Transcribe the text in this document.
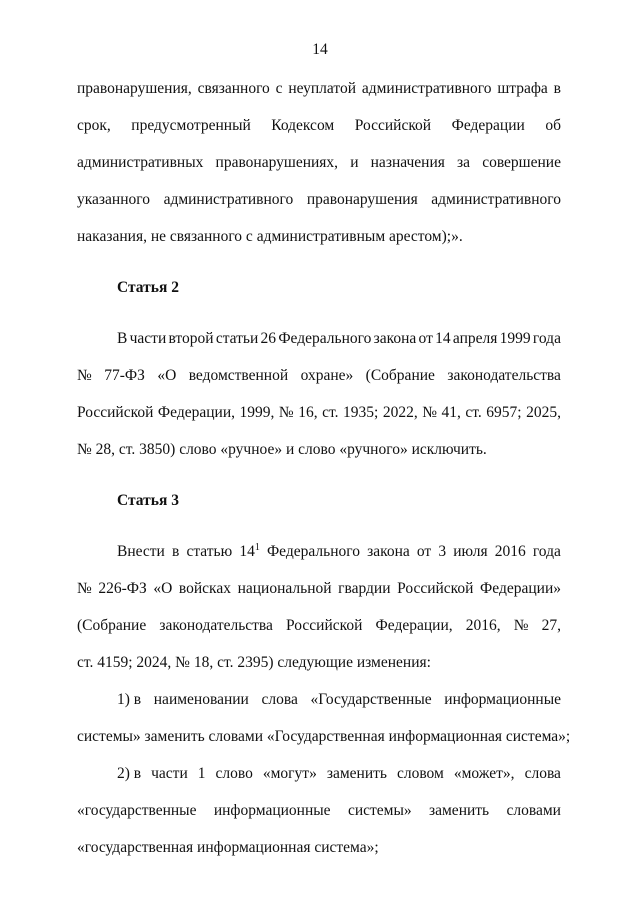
14
правонарушения, связанного с неуплатой административного штрафа в
срок, предусмотренный Кодексом Российской Федерации об
административных правонарушениях, и назначения за совершение
указанного административного правонарушения административного
наказания, не связанного с административным арестом);».
Статья 2
В части второй статьи 26 Федерального закона от 14 апреля 1999 года
№ 77-ФЗ «О ведомственной охране» (Собрание законодательства
Российской Федерации, 1999, № 16, ст. 1935; 2022, № 41, ст. 6957; 2025,
№ 28, ст. 3850) слово «ручное» и слово «ручного» исключить.
Статья 3
Внести в статью $14^1$ Федерального закона от 3 июля 2016 года
№ 226-ФЗ «О войсках национальной гвардии Российской Федерации»
(Собрание законодательства Российской Федерации, 2016, № 27,
ст. 4159; 2024, № 18, ст. 2395) следующие изменения:
1) в наименовании слова «Государственные информационные
системы» заменить словами «Государственная информационная система»;
2) в части 1 слово «могут» заменить словом «может», слова
«государственные информационные системы» заменить словами
«государственная информационная система»;
